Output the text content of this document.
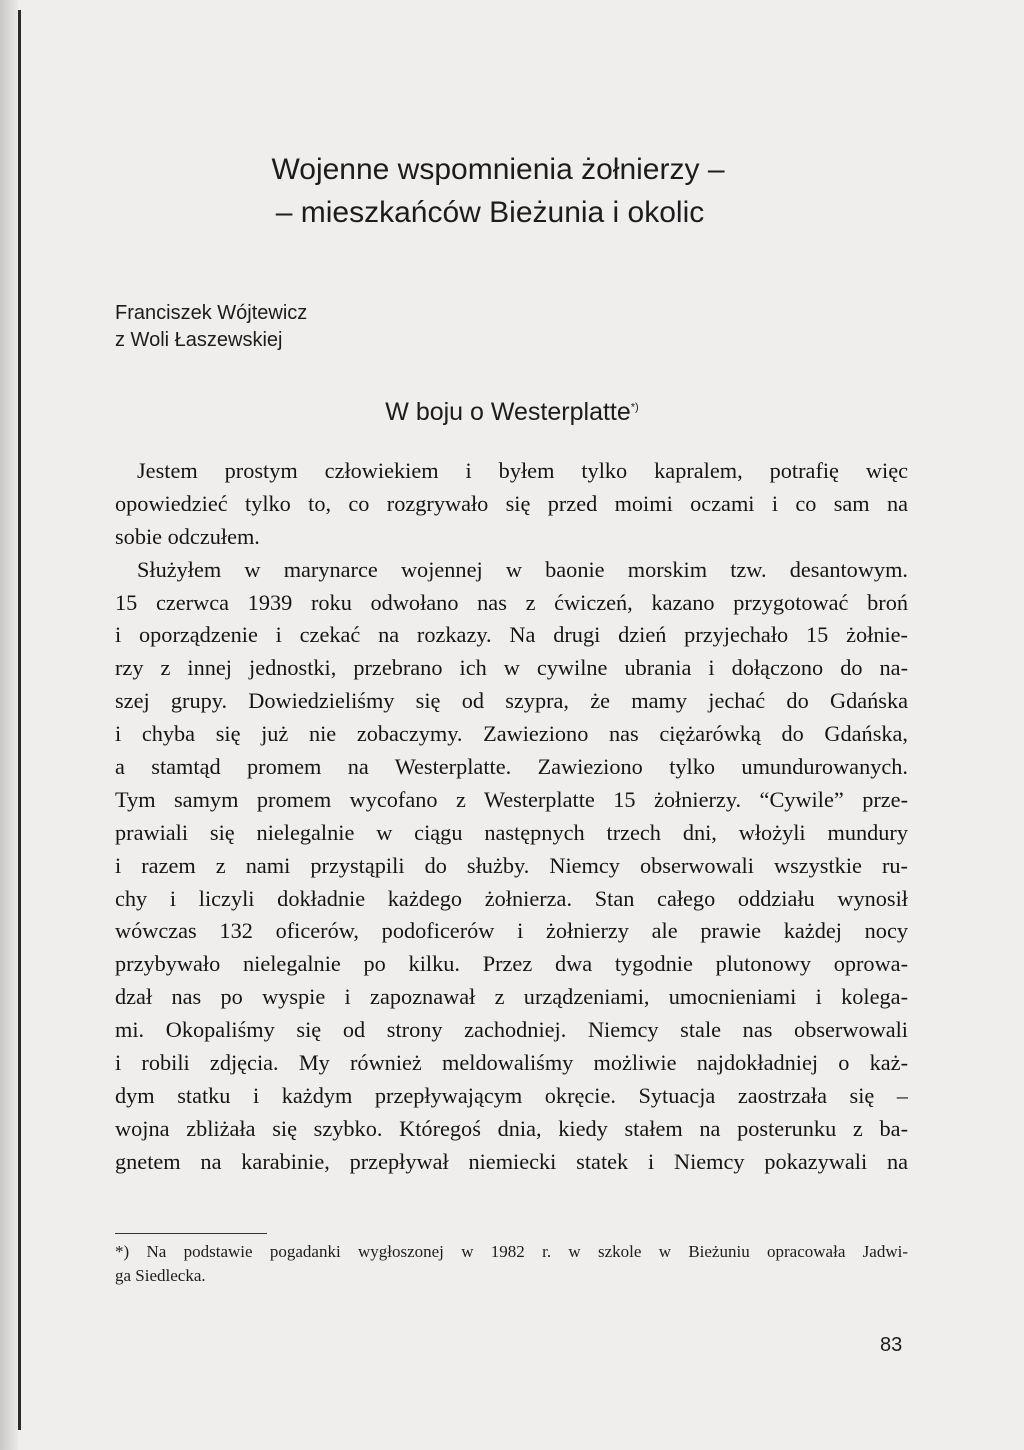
Wojenne wspomnienia żołnierzy –
– mieszkańców Bieżunia i okolic
Franciszek Wójtewicz
z Woli Łaszewskiej
W boju o Westerplatte*)
Jestem prostym człowiekiem i byłem tylko kapralem, potrafię więc
opowiedzieć tylko to, co rozgrywało się przed moimi oczami i co sam na
sobie odczułem.
Służyłem w marynarce wojennej w baonie morskim tzw. desantowym.
15 czerwca 1939 roku odwołano nas z ćwiczeń, kazano przygotować broń
i oporządzenie i czekać na rozkazy. Na drugi dzień przyjechało 15 żołnie-
rzy z innej jednostki, przebrano ich w cywilne ubrania i dołączono do na-
szej grupy. Dowiedzieliśmy się od szypra, że mamy jechać do Gdańska
i chyba się już nie zobaczymy. Zawieziono nas ciężarówką do Gdańska,
a stamtąd promem na Westerplatte. Zawieziono tylko umundurowanych.
Tym samym promem wycofano z Westerplatte 15 żołnierzy. “Cywile” prze-
prawiali się nielegalnie w ciągu następnych trzech dni, włożyli mundury
i razem z nami przystąpili do służby. Niemcy obserwowali wszystkie ru-
chy i liczyli dokładnie każdego żołnierza. Stan całego oddziału wynosił
wówczas 132 oficerów, podoficerów i żołnierzy ale prawie każdej nocy
przybywało nielegalnie po kilku. Przez dwa tygodnie plutonowy oprowa-
dzał nas po wyspie i zapoznawał z urządzeniami, umocnieniami i kolega-
mi. Okopaliśmy się od strony zachodniej. Niemcy stale nas obserwowali
i robili zdjęcia. My również meldowaliśmy możliwie najdokładniej o każ-
dym statku i każdym przepływającym okręcie. Sytuacja zaostrzała się –
wojna zbliżała się szybko. Któregoś dnia, kiedy stałem na posterunku z ba-
gnetem na karabinie, przepływał niemiecki statek i Niemcy pokazywali na
*) Na podstawie pogadanki wygłoszonej w 1982 r. w szkole w Bieżuniu opracowała Jadwi-
ga Siedlecka.
83
